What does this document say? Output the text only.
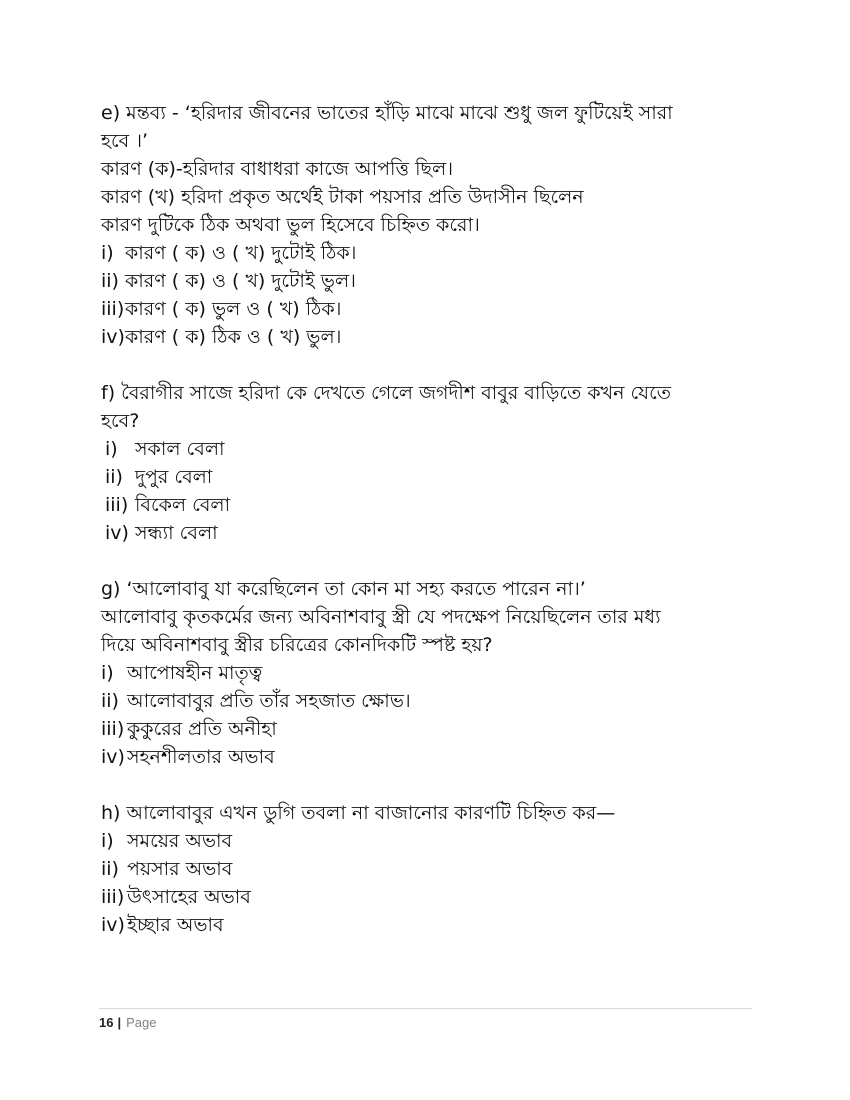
e) মন্তব্য - ‘হরিদার জীবনের ভাতের হাঁড়ি মাঝে মাঝে শুধু জল ফুটিয়েই সারা
হবে ।’
কারণ (ক)-হরিদার বাধাধরা কাজে আপত্তি ছিল।
কারণ (খ) হরিদা প্রকৃত অর্থেই টাকা পয়সার প্রতি উদাসীন ছিলেন
কারণ দুটিকে ঠিক অথবা ভুল হিসেবে চিহ্নিত করো।
i) কারণ ( ক) ও ( খ) দুটোই ঠিক।
ii) কারণ ( ক) ও ( খ) দুটোই ভুল।
iii) কারণ ( ক) ভুল ও ( খ) ঠিক।
iv) কারণ ( ক) ঠিক ও ( খ) ভুল।
f) বৈরাগীর সাজে হরিদা কে দেখতে গেলে জগদীশ বাবুর বাড়িতে কখন যেতে
হবে?
i) সকাল বেলা
ii) দুপুর বেলা
iii) বিকেল বেলা
iv) সন্ধ্যা বেলা
g) ‘আলোবাবু যা করেছিলেন তা কোন মা সহ্য করতে পারেন না।’
আলোবাবু কৃতকর্মের জন্য অবিনাশবাবু স্ত্রী যে পদক্ষেপ নিয়েছিলেন তার মধ্য
দিয়ে অবিনাশবাবু স্ত্রীর চরিত্রের কোনদিকটি স্পষ্ট হয়?
i) আপোষহীন মাতৃত্ব
ii) আলোবাবুর প্রতি তাঁর সহজাত ক্ষোভ।
iii) কুকুরের প্রতি অনীহা
iv) সহনশীলতার অভাব
h) আলোবাবুর এখন ডুগি তবলা না বাজানোর কারণটি চিহ্নিত কর—
i) সময়ের অভাব
ii) পয়সার অভাব
iii) উৎসাহের অভাব
iv) ইচ্ছার অভাব
16 | Page
